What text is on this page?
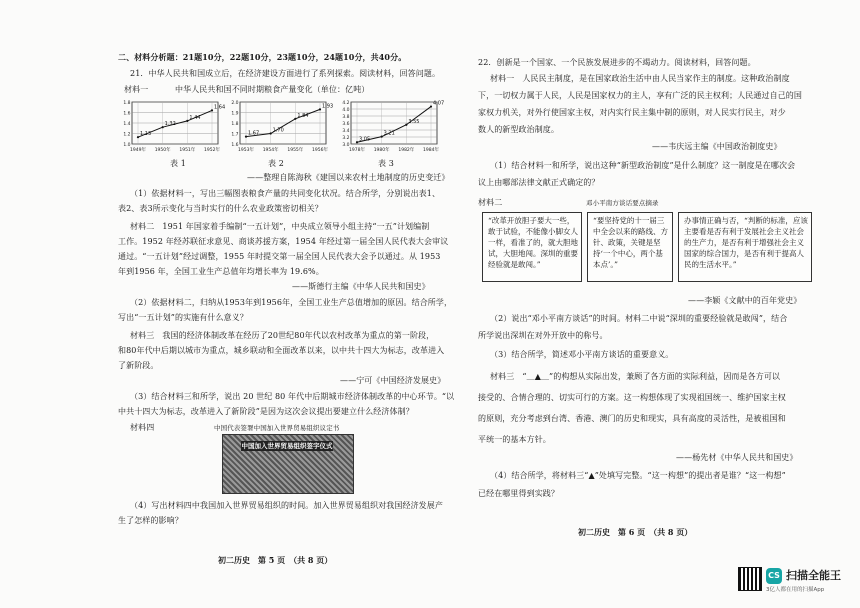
二、材料分析题：21题10分，22题10分，23题10分，24题10分，共40分。
21．中华人民共和国成立后，在经济建设方面进行了系列探索。阅读材料，回答问题。
材料一	中华人民共和国不同时期粮食产量变化（单位：亿吨）
1.0
1.2
1.4
1.6
1.8
1949年 1950年 1951年 1952年
1.13
1.32
1.44
1.64
1.6
1.7
1.8
1.9
2.0
1953年 1954年 1955年 1956年
1.67
1.70
1.84
1.93
3.0
3.2
3.4
3.6
3.8
4.0
4.2
1978年 1980年 1982年 1984年
3.05
3.21
3.55
4.07
表 1	表 2	表 3
——整理自陈海秋《建国以来农村土地制度的历史变迁》
（1）依据材料一，写出三幅图表粮食产量的共同变化状况。结合所学，分别说出表1、
表2、表3所示变化与当时实行的什么农业政策密切相关？
材料二　1951 年国家着手编制“一五计划”，中央成立领导小组主持“一五”计划编制
工作。1952 年经苏联征求意见、商谈苏援方案，1954 年经过第一届全国人民代表大会审议
通过。“一五计划”经过调整，1955 年时提交第一届全国人民代表大会予以通过。从 1953
年到1956 年，全国工业生产总值年均增长率为 19.6%。
——斯德行主编《中华人民共和国史》
（2）依据材料二，归纳从1953年到1956年，全国工业生产总值增加的原因。结合所学，
写出“一五计划”的实施有什么意义？
材料三　我国的经济体制改革在经历了20世纪80年代以农村改革为重点的第一阶段，
和80年代中后期以城市为重点，城乡联动和全面改革以来，以中共十四大为标志，改革进入
了新阶段。
——宁可《中国经济发展史》
（3）结合材料三和所学，说出 20 世纪 80 年代中后期城市经济体制改革的中心环节。“以
中共十四大为标志，改革进入了新阶段”是因为这次会议提出要建立什么经济体制？
材料四	中国代表签署中国加入世界贸易组织议定书
中国加入世界贸易组织签字仪式
（4）写出材料四中我国加入世界贸易组织的时间。加入世界贸易组织对我国经济发展产
生了怎样的影响？
初二历史　第 5 页　（共 8 页）
22．创新是一个国家、一个民族发展进步的不竭动力。阅读材料，回答问题。
材料一　人民民主制度，是在国家政治生活中由人民当家作主的制度。这种政治制度
下，一切权力属于人民，人民是国家权力的主人，享有广泛的民主权利；人民通过自己的国
家权力机关，对外行使国家主权，对内实行民主集中制的原则，对人民实行民主，对少
数人的新型政治制度。
——韦庆远主编《中国政治制度史》
（1）结合材料一和所学，说出这种“新型政治制度”是什么制度？这一制度是在哪次会
议上由哪部法律文献正式确定的？
材料二	邓小平南方谈话要点摘录
“改革开放胆子要大一些，敢于试验，不能像小脚女人一样，看准了的，就大胆地试，大胆地闯。深圳的重要经验就是敢闯。”
“要坚持党的十一届三中全会以来的路线、方针、政策，关键是坚持‘一个中心，两个基本点’。”
办事情正确与否，“判断的标准，应该主要看是否有利于发展社会主义社会的生产力，是否有利于增强社会主义国家的综合国力，是否有利于提高人民的生活水平。”
——李颖《文献中的百年党史》
（2）说出“邓小平南方谈话”的时间。材料二中说“深圳的重要经验就是敢闯”，结合
所学说出深圳在对外开放中的称号。
（3）结合所学，简述邓小平南方谈话的重要意义。
材料三　“＿▲＿”的构想从实际出发，兼顾了各方面的实际利益，因而是各方可以
接受的、合情合理的、切实可行的方案。这一构想体现了实现祖国统一、维护国家主权
的原则，充分考虑到台湾、香港、澳门的历史和现实，具有高度的灵活性，是被祖国和
平统一的基本方针。
——杨先材《中华人民共和国史》
（4）结合所学，将材料三“▲”处填写完整。“这一构想”的提出者是谁？“这一构想”
已经在哪里得到实践？
初二历史　第 6 页　（共 8 页）
CS 扫描全能王
3亿人都在用的扫描App
